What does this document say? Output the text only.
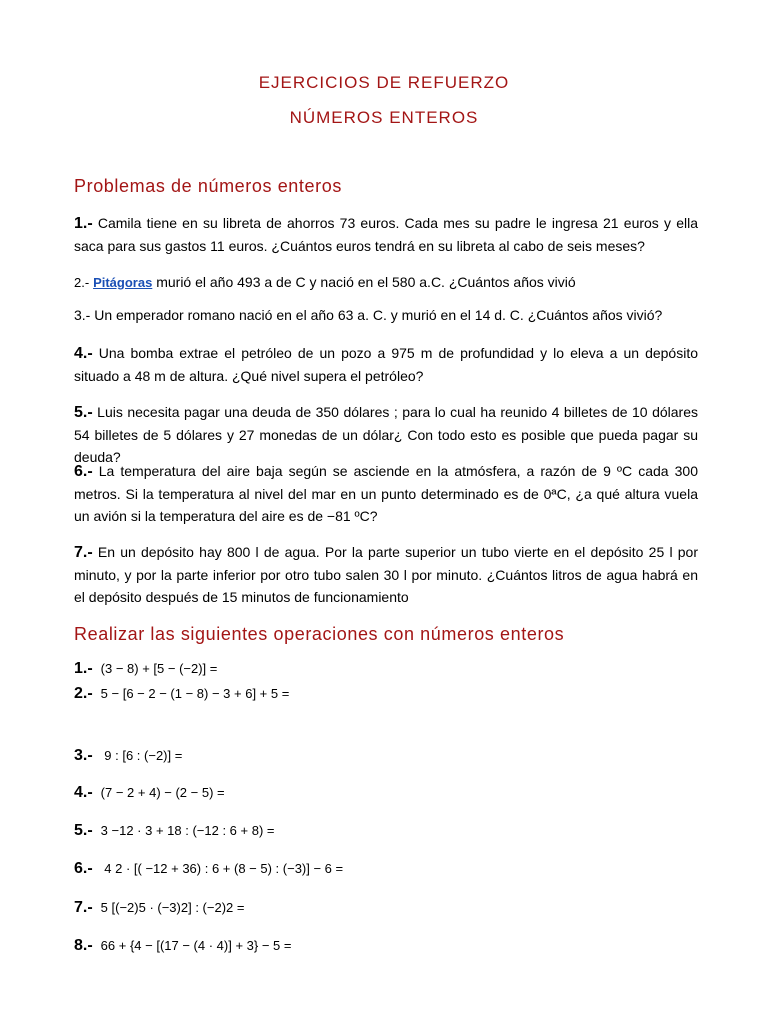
EJERCICIOS DE REFUERZO
NÚMEROS ENTEROS
Problemas de números enteros
1.- Camila tiene en su libreta de ahorros 73 euros. Cada mes su padre le ingresa 21 euros y ella saca para sus gastos 11 euros. ¿Cuántos euros tendrá en su libreta al cabo de seis meses?
2.- Pitágoras murió el año 493 a de C y nació en el 580 a.C. ¿Cuántos años vivió
3.- Un emperador romano nació en el año 63 a. C. y murió en el 14 d. C. ¿Cuántos años vivió?
4.- Una bomba extrae el petróleo de un pozo a 975 m de profundidad y lo eleva a un depósito situado a 48 m de altura. ¿Qué nivel supera el petróleo?
5.- Luis necesita pagar una deuda de 350 dólares ; para lo cual ha reunido 4 billetes de 10 dólares 54 billetes de 5 dólares y 27 monedas de un dólar¿ Con todo esto es posible que pueda pagar su deuda?
6.- La temperatura del aire baja según se asciende en la atmósfera, a razón de 9 ºC cada 300 metros. Si la temperatura al nivel del mar en un punto determinado es de 0ªC, ¿a qué altura vuela un avión si la temperatura del aire es de −81 ºC?
7.- En un depósito hay 800 l de agua. Por la parte superior un tubo vierte en el depósito 25 l por minuto, y por la parte inferior por otro tubo salen 30 l por minuto. ¿Cuántos litros de agua habrá en el depósito después de 15 minutos de funcionamiento
Realizar las siguientes operaciones con números enteros
1.- (3 − 8) + [5 − (−2)] =
2.- 5 − [6 − 2 − (1 − 8) − 3 + 6] + 5 =
3.- 9 : [6 : (−2)] =
4.- (7 − 2 + 4) − (2 − 5) =
5.- 3 −12 · 3 + 18 : (−12 : 6 + 8) =
6.- 4 2 · [( −12 + 36) : 6 + (8 − 5) : (−3)] − 6 =
7.- 5 [(−2)5 · (−3)2] : (−2)2 =
8.- 66 + {4 − [(17 − (4 · 4)] + 3} − 5 =
